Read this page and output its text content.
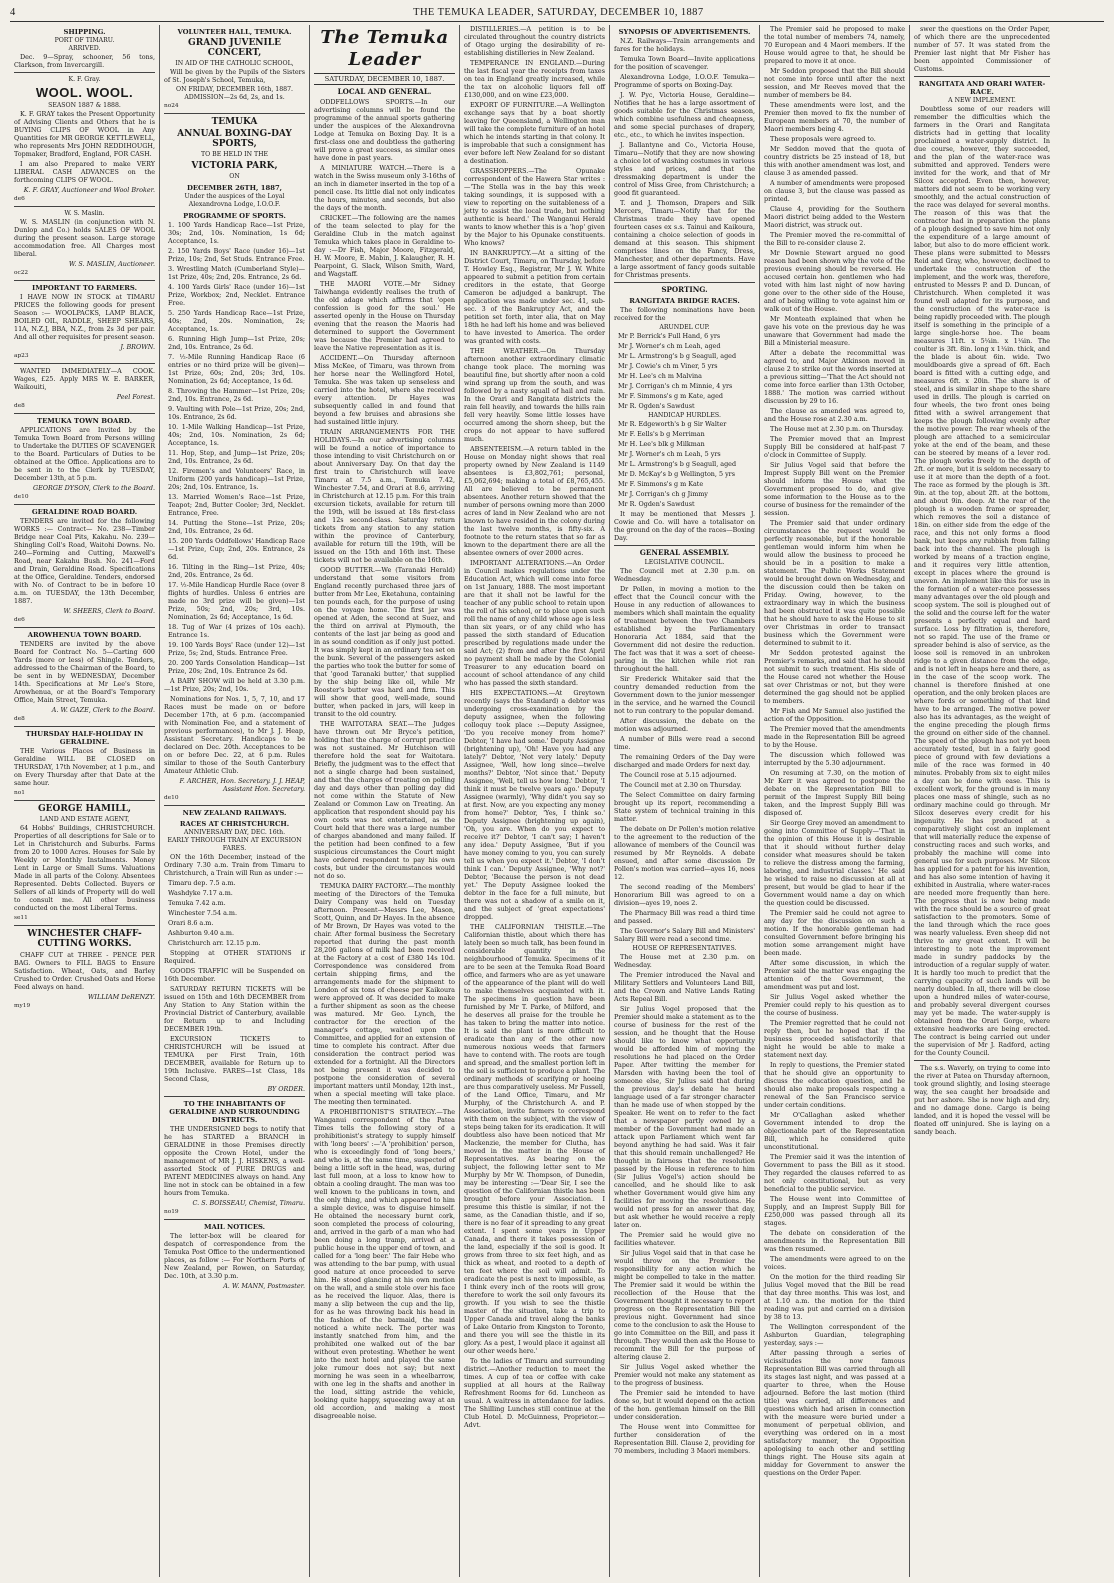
4	THE TEMUKA LEADER, SATURDAY, DECEMBER 10, 1887

SHIPPING.
PORT OF TIMARU.
ARRIVED.

Dec. 9—Spray, schooner, 56 tons, Clarkson, from Invercargill.

K. F. Gray.
WOOL. WOOL.
SEASON 1887 & 1888.

K. F. GRAY takes the Present Opportunity of Advising Clients and Others that he is BUYING CLIPS OF WOOL in Any Quantities for MR GEORGE KETTLEWELL, who represents Mrs JOHN REDDIHOUGH, Topmaker, Bradford, England, FOR CASH.

I am also Prepared to make VERY LIBERAL CASH ADVANCES on the forthcoming CLIPS OF WOOL.

K. F. GRAY, Auctioneer and Wool Broker.
de6
W. S. Maslin.

W. S. MASLIN (in conjunction with N. Dunlop and Co.) holds SALES OF WOOL during the present season. Large storage accommodation free. All Charges most liberal.

W. S. MASLIN, Auctioneer.
oc22
IMPORTANT TO FARMERS.

I HAVE NOW IN STOCK at TIMARU PRICES the following goods for present Season :— WOOLPACKS, LAMP BLACK, BOILED OIL, RADDLE, SHEEP SHEARS, 11A, N.Z.J, BBA, N.Z., from 2s 3d per pair. And all other requisites for present season.

J. BROWN.
ap23

WANTED IMMEDIATELY—A COOK. Wages, £25. Apply MRS W. E. BARKER, Waikouiti,

Peel Forest.
de8
TEMUKA TOWN BOARD.

APPLICATIONS are Invited by the Temuka Town Board from Persons willing to Undertake the DUTIES OF SCAVENGER to the Board. Particulars of Duties to be obtained at the Office. Applications are to be sent in to the Clerk by TUESDAY, December 13th, at 5 p.m.

GEORGE DYSON, Clerk to the Board.
de10
GERALDINE ROAD BOARD.

TENDERS are invited for the following WORKS :— Contract— No. 238—Timber Bridge near Coal Pits, Kakahu. No. 239—Shingling Coll's Road, Waitohi Downs. No. 240—Forming and Cutting, Maxwell's Road, near Kakahu Bush. No. 241—Ford and Drain, Geraldine Road. Specifications at the Office, Geraldine. Tenders, endorsed with No. of Contract to be in before 10 a.m. on TUESDAY, the 13th December, 1887.

W. SHEERS, Clerk to Board.
de6
AROWHENUA TOWN BOARD.

TENDERS are invited by the above Board for Contract No. 5—Carting 600 Yards (more or less) of Shingle. Tenders, addressed to the Chairman of the Board, to be sent in by WEDNESDAY, December 14th. Specifications at Mr Lee's Store, Arowhenua, or at the Board's Temporary Office, Main Street, Temuka.

A. W. GAZE, Clerk to the Board.
de8
THURSDAY HALF-HOLIDAY IN GERALDINE.

THE Various Places of Business in Geraldine WILL BE CLOSED on THURSDAY, 17th November, at 1 p.m., and on Every Thursday after that Date at the same hour.

no1
GEORGE HAMILL,
LAND AND ESTATE AGENT,

64 Hobbs' Buildings, CHRISTCHURCH. Properties of all descriptions for Sale or to Let in Christchurch and Suburbs. Farms from 20 to 1000 Acres. Houses for Sale by Weekly or Monthly Instalments. Money Lent in Large or Small Sums. Valuations Made in all parts of the Colony. Absentees Represented. Debts Collected. Buyers or Sellers of all kinds of Property will do well to consult me. All other business conducted on the most Liberal Terms.

se11
WINCHESTER CHAFF-CUTTING WORKS.

CHAFF CUT at THREE - PENCE PER BAG. Owners to FILL BAGS to Ensure Satisfaction. Wheat, Oats, and Barley Crushed to Order. Crushed Oats and Horse Feed always on hand.

WILLIAM DeRENZY.
my19
VOLUNTEER HALL, TEMUKA.
GRAND JUVENILE CONCERT,
IN AID OF THE CATHOLIC SCHOOL,

Will be given by the Pupils of the Sisters of St. Joseph's School, Temuka,

ON FRIDAY, DECEMBER 16th, 1887.
ADMISSION—2s 6d, 2s, and 1s.
no24
TEMUKA
ANNUAL BOXING-DAY SPORTS,
TO BE HELD IN THE
VICTORIA PARK,
ON
DECEMBER 26TH, 1887,
Under the auspices of the Loyal Alexandrovna Lodge, I.O.O.F.
PROGRAMME OF SPORTS.

1. 100 Yards Handicap Race—1st Prize, 30s; 2nd, 10s. Nomination, 1s 6d; Acceptance, 1s.

2. 150 Yards Boys' Race (under 16)—1st Prize, 10s; 2nd, Set Studs. Entrance Free.

3. Wrestling Match (Cumberland Style)—1st Prize, 40s; 2nd, 20s. Entrance, 2s 6d.

4. 100 Yards Girls' Race (under 16)—1st Prize, Workbox; 2nd, Necklet. Entrance Free.

5. 250 Yards Handicap Race—1st Prize, 40s; 2nd, 20s. Nomination, 2s; Acceptance, 1s.

6. Running High Jump—1st Prize, 20s; 2nd, 10s. Entrance, 2s 6d.

7. ½-Mile Running Handicap Race (6 entries or no third prize will be given)—1st Prize, 60s; 2nd, 20s; 3rd, 10s. Nomination, 2s 6d; Acceptance, 1s 6d.

8. Throwing the Hammer—1st Prize, 20s; 2nd, 10s. Entrance, 2s 6d.

9. Vaulting with Pole—1st Prize, 20s; 2nd, 10s. Entrance, 2s 6d.

10. 1-Mile Walking Handicap—1st Prize, 40s; 2nd, 10s. Nomination, 2s 6d; Acceptance, 1s.

11. Hop, Step, and Jump—1st Prize, 20s; 2nd, 10s. Entrance, 2s 6d.

12. Firemen's and Volunteers' Race, in Uniform (200 yards handicap)—1st Prize, 20s; 2nd, 10s. Entrance, 1s.

13. Married Women's Race—1st Prize, Teapot; 2nd, Butter Cooler; 3rd, Necklet. Entrance, Free.

14. Putting the Stone—1st Prize, 20s; 2nd, 10s. Entrance, 2s 6d.

15. 200 Yards Oddfellows' Handicap Race—1st Prize, Cup; 2nd, 20s. Entrance, 2s 6d.

16. Tilting in the Ring—1st Prize, 40s; 2nd, 20s. Entrance, 2s 6d.

17. ½-Mile Handicap Hurdle Race (over 8 flights of hurdles. Unless 6 entries are made no 3rd prize will be given)—1st Prize, 50s; 2nd, 20s; 3rd, 10s. Nomination, 2s 6d; Acceptance, 1s 6d.

18. Tug of War (4 prizes of 10s each). Entrance 1s.

19. 100 Yards Boys' Race (under 12)—1st Prize, 5s; 2nd, Studs. Entrance Free.

20. 200 Yards Consolation Handicap—1st Prize, 20s; 2nd, 10s. Entrance 2s 6d.

A BABY SHOW will be held at 3.30 p.m.—1st Prize, 20s; 2nd, 10s.

Nominations for Nos. 1, 5, 7, 10, and 17 Races must be made on or before December 17th, at 6 p.m. (accompanied with Nomination Fee, and a statement of previous performances), to Mr J. J. Heap, Assistant Secretary. Handicaps to be declared on Dec. 20th. Acceptances to be on or before Dec. 22, at 6 p.m. Rules similar to those of the South Canterbury Amateur Athletic Club.

F. ARCHER, Hon. Secretary. J. J. HEAP, Assistant Hon. Secretary.
de10
NEW ZEALAND RAILWAYS.
RACES AT CHRISTCHURCH.
ANNIVERSARY DAY, DEC. 16th.
EARLY THROUGH TRAIN AT EXCURSION FARES.

ON the 16th December, instead of the Ordinary 7.30 a.m. Train from Timaru to Christchurch, a Train will Run as under :—

Timaru dep. 7.5 a.m.

Washdyke 7.17 a.m.

Temuka 7.42 a.m.

Winchester 7.54 a.m.

Orari 8.6 a.m.

Ashburton 9.40 a.m.

Christchurch arr. 12.15 p.m.

Stopping at OTHER STATIONS if Required.

GOODS TRAFFIC will be Suspended on 16th December.

SATURDAY RETURN TICKETS will be issued on 15th and 16th DECEMBER from Any Station to Any Station within the Provincial District of Canterbury, available for Return up to and Including DECEMBER 19th.

EXCURSION TICKETS to CHRISTCHURCH will be issued at TEMUKA per First Train, 16th DECEMBER, available for Return up to 19th Inclusive. FARES—1st Class, 18s Second Class,

BY ORDER.
TO THE INHABITANTS OF GERALDINE AND SURROUNDING DISTRICTS.

THE UNDERSIGNED begs to notify that he has STARTED a BRANCH in GERALDINE in those Premises directly opposite the Crown Hotel, under the management of MR J. J. HISKENS, a well-assorted Stock of PURE DRUGS and PATENT MEDICINES always on hand. Any line not in stock can be obtained in a few hours from Temuka.

C. S. BOISSEAU, Chemist, Timaru.
no19
MAIL NOTICES.

The letter-box will be cleared for despatch of correspondence from the Temuka Post Office to the undermentioned places, as follow :— For Northern Ports of New Zealand, per Rowen, on Saturday, Dec. 10th, at 3.30 p.m.

A. W. MANN, Postmaster.
The Temuka Leader
SATURDAY, DECEMBER 10, 1887.
LOCAL AND GENERAL.

ODDFELLOWS SPORTS.—In our advertising columns will be found the programme of the annual sports gathering under the auspices of the Alexandrovna Lodge at Temuka on Boxing Day. It is a first-class one and doubtless the gathering will prove a great success, as similar ones have done in past years.

A MINIATURE WATCH.—There is a watch in the Swiss museum only 3-16ths of an inch in diameter inserted in the top of a pencil case. Its little dial not only indicates the hours, minutes, and seconds, but also the days of the month.

CRICKET.—The following are the names of the team selected to play for the Geraldine Club in the match against Temuka which takes place in Geraldine to-day :—Dr Fish, Major Moore, Fitzgerald, H. W. Moore, E. Mabin, J. Kalaugher, R. H. Pearpoint, G. Slack, Wilson Smith, Ward, and Wagstaff.

THE MAORI VOTE.—Mr Sidney Taiwhanga evidently realises the truth of the old adage which affirms that 'open confession is good for the soul.' He asserted openly in the House on Thursday evening that the reason the Maoris had determined to support the Government was because the Premier had agreed to leave the Native representation as it is.

ACCIDENT.—On Thursday afternoon Miss McKee, of Timaru, was thrown from her horse near the Wellingford Hotel, Temuka. She was taken up senseless and carried into the hotel, where she received every attention. Dr Hayes was subsequently called in and found that beyond a few bruises and abrasions she had sustained little injury.

TRAIN ARRANGEMENTS FOR THE HOLIDAYS.—In our advertising columns will be found a notice of importance to those intending to visit Christchurch on or about Anniversary Day. On that day the first train to Christchurch will leave Timaru at 7.5 a.m., Temuka 7.42, Winchester 7.54, and Orari at 8.6, arriving in Christchurch at 12.15 p.m. For this train excursion tickets, available for return till the 19th, will be issued at 18s first-class and 12s second-class. Saturday return tickets from any station to any station within the province of Canterbury, available for return till the 19th, will be issued on the 15th and 16th inst. These tickets will not be available on the 16th.

GOOD BUTTER.—We (Taranaki Herald) understand that some visitors from England recently purchased three jars of butter from Mr Lee, Eketahuna, containing ten pounds each, for the purpose of using on the voyage home. The first jar was opened at Aden, the second at Suez, and the third on arrival at Plymouth, the contents of the last jar being as good and in as sound condition as if only just potted. It was simply kept in an ordinary tea set on the bunk. Several of the passengers asked the parties who took the butter for some of that 'good Taranaki butter,' that supplied by the ship being like oil, while Mr Rooster's butter was hard and firm. This will show that good, well-made, sound butter, when packed in jars, will keep in transit to the old country.

THE WAITOTARA SEAT.—The Judges have thrown out Mr Bryce's petition, holding that the charge of corrupt practice was not sustained. Mr Hutchison will therefore hold the seat for Waitotara. Briefly, the judgment was to the effect that not a single charge had been sustained, and that the charges of treating on polling day and days other than polling day did not come within the Statute of New Zealand or Common Law on Treating. An application that respondent should pay his own costs was not entertained, as the Court held that there was a large number of charges abandoned and many failed. If the petition had been confined to a few suspicious circumstances the Court might have ordered respondent to pay his own costs, but under the circumstances would not do so.

TEMUKA DAIRY FACTORY.—The monthly meeting of the Directors of the Temuka Dairy Company was held on Tuesday afternoon. Present—Messrs Lee, Mason, Scott, Quinn, and Dr Hayes. In the absence of Mr Brown, Dr Hayes was voted to the chair. After formal business the Secretary reported that during the past month 28,206 gallons of milk had been received at the Factory at a cost of £380 14s 10d. Correspondence was considered from certain shipping firms, and the arrangements made for the shipment to London of six tons of cheese per Kaikoura were approved of. It was decided to make a further shipment as soon as the cheese was matured. Mr Geo. Lynch, the contractor for the erection of the manager's cottage, waited upon the Committee, and applied for an extension of time to complete his contract. After due consideration the contract period was extended for a fortnight. All the Directors not being present it was decided to postpone the consideration of several important matters until Monday, 12th inst., when a special meeting will take place. The meeting then terminated.

A PROHIBITIONIST'S STRATEGY.—The Wanganui correspondent of the Patea Times tells the following story of a prohibitionist's strategy to supply himself with 'long beers' :—'A 'prohibition' person, who is exceedingly fond of 'long beers,' and who is, at the same time, suspected of being a little soft in the head, was, during last full moon, at a loss to know how to obtain a cooling draught. The man was too well known to the publicans in town, and the only thing, and which appeared to him a simple device, was to disguise himself. He obtained the necessary burnt cork, soon completed the process of colouring, and, arrived in the garb of a man who had been doing a long tramp, arrived at a public house in the upper end of town, and called for a 'long beer.' The fair Hebe who was attending to the bar pump, with usual good nature at once proceeded to serve him. He stood glancing at his own motion on the wall, and a smile stole over his face as he received the liquor. Alas, there is many a slip between the cup and the lip, for as he was throwing back his head in the fashion of the barmaid, the maid noticed a white neck. The porter was instantly snatched from him, and the prohibited one walked out of the bar without even protesting. Whether he went into the next hotel and played the same joke rumour does not say; but next morning he was seen in a wheelbarrow, with one leg in the shafts and another in the load, sitting astride the vehicle, looking quite happy, squeezing away at an old accordion, and making a most disagreeable noise.

DISTILLERIES.—A petition is to be circulated throughout the country districts of Otago urging the desirability of re-establishing distilleries in New Zealand.

TEMPERANCE IN ENGLAND.—During the last fiscal year the receipts from taxes on tea in England greatly increased, while the tax on alcoholic liquors fell off £130,000, and on wine £23,000.

EXPORT OF FURNITURE.—A Wellington exchange says that by a boat shortly leaving for Queensland, a Wellington man will take the complete furniture of an hotel which he intends starting in that colony. It is improbable that such a consignment has ever before left New Zealand for so distant a destination.

GRASSHOPPERS.—The Opunake correspondent of the Hawera Star writes :—'The Stella was in the bay this week taking soundings, it is supposed with a view to reporting on the suitableness of a jetty to assist the local trade, but nothing authentic is heard.' The Wanganui Herald wants to know whether this is a 'hop' given by the Major to his Opunake constituents. Who knows?

IN BANKRUPTCY.—At a sitting of the District Court, Timaru, on Thursday, before T. Howley Esq., Registrar, Mr J. W. White appeared to submit a petition from certain creditors in the estate, that George Cameron be adjudged a bankrupt. The application was made under sec. 41, sub-sec. 3 of the Bankruptcy Act, and the petition set forth, inter alia, that on May 18th he had left his home and was believed to have invested to America. The order was granted with costs.

THE WEATHER.—On Thursday afternoon another extraordinary climatic change took place. The morning was beautiful fine, but shortly after noon a cold wind sprang up from the south, and was followed by a nasty squall of hail and rain. In the Orari and Rangitata districts the rain fell heavily, and towards the hills rain fell very heavily. Some little losses have occurred among the shorn sheep, but the crops do not appear to have suffered much.

ABSENTEEISM.—A return tabled in the House on Monday night shows that real property owned by New Zealand is 1149 absentees is £3,802,761; personal, £5,062,694; making a total of £8,765,455. All are believed to be permanent absentees. Another return showed that the number of persons owning more than 2000 acres of land in New Zealand who are not known to have resided in the colony during the last twelve months, is fifty-six. A footnote to the return states that so far as known to the department there are all the absentee owners of over 2000 acres.

IMPORTANT ALTERATIONS.—An Order in Council makes regulations under the Education Act, which will come into force on 1st January, 1888. The most important are that it shall not be lawful for the teacher of any public school to retain upon the roll of his school, or to place upon such roll the name of any child whose age is less than six years, or of any child who has passed the sixth standard of Education prescribed by regulations made under the said Act; (2) from and after the first April no payment shall be made by the Colonial Treasurer to any education board on account of school attendance of any child who has passed the sixth standard.

HIS EXPECTATIONS.—At Greytown recently (says the Standard) a debtor was undergoing cross-examination by the deputy assignee, when the following colloquy took place :—Deputy Assignee, 'Do you receive money from home?' Debtor, 'I have had some.' Deputy Assignee (brightening up), 'Oh! Have you had any lately?' Debtor, 'Not very lately.' Deputy Assignee, 'Well, how long since—twelve months?' Debtor, 'Not since that.' Deputy Assignee, 'Well, tell us how long.' Debtor, 'I think it must be twelve years ago.' Deputy Assignee (warmly), 'Why didn't you say so at first. Now, are you expecting any money from home?' Debtor, 'Yes, I think so.' Deputy Assignee (brightening up again), 'Oh, you are. When do you expect to receive it?' Debtor, 'I can't say; I haven't any idea.' Deputy Assignee, 'But if you have money coming to you, you can surely tell us when you expect it.' Debtor, 'I don't think I can.' Deputy Assignee, 'Why not?' Debtor, 'Because the person is not dead yet.' The Deputy Assignee looked the debtor in the face for a full minute, but there was not a shadow of a smile on it, and the subject of 'great expectations' dropped.

THE CALIFORNIAN THISTLE.—The Californian thistle, about which there has lately been so much talk, has been found in considerable quantity in the neighbourhood of Temuka. Specimens of it are to be seen at the Temuka Road Board office, and farmers who are as yet unaware of the appearance of the plant will do well to make themselves acquainted with it. The specimens in question have been furnished by Mr T. Parke, of Milford, and he deserves all praise for the trouble he has taken to bring the matter into notice. It is said the plant is more difficult to eradicate than any of the other now numerous noxious weeds that farmers have to contend with. The roots are tough and spread, and the smallest portion left in the soil is sufficient to produce a plant. The ordinary methods of scarifying or hoeing are thus comparatively useless. Mr Fussell, of the Land Office, Timaru, and Mr Murphy, of the Christchurch A. and P. Association, invite farmers to correspond with them on the subject, with the view of steps being taken for its eradication. It will doubtless also have been noticed that Mr Mackenzie, the member for Clutha, has moved in the matter in the House of Representatives. As bearing on the subject, the following letter sent to Mr Murphy by Mr W. Thompson, of Dunedin, may be interesting :—'Dear Sir, I see the question of the Californian thistle has been brought before your Association. I presume this thistle is similar, if not the same, as the Canadian thistle, and if so, there is no fear of it spreading to any great extent. I spent some years in Upper Canada, and there it takes possession of the land, especially if the soil is good. It grows from three to six feet high, and as thick as wheat, and rooted to a depth of ten feet where the soil will admit. To eradicate the pest is next to impossible, as I think every inch of the roots will grow, therefore to work the soil only favours its growth. If you wish to see the thistle master of the situation, take a trip to Upper Canada and travel along the banks of Lake Ontario from Kingston to Toronto, and there you will see the thistle in its glory. As a pest, I would place it against all our other weeds here.'

To the ladies of Timaru and surrounding district.—Another reduction to meet the times. A cup of tea or coffee with cake supplied at all hours at the Railway Refreshment Rooms for 6d. Luncheon as usual. A waitress in attendance for ladies. The Shilling Lunches still continue at the Club Hotel. D. McGuinness, Proprietor.—Advt.

SYNOPSIS OF ADVERTISEMENTS.

N.Z. Railways—Train arrangements and fares for the holidays.

Temuka Town Board—Invite applications for the position of scavenger.

Alexandrovna Lodge, I.O.O.F. Temuka—Programme of sports on Boxing-Day.

J. W. Pyc, Victoria House, Geraldine—Notifies that he has a large assortment of goods suitable for the Christmas season, which combine usefulness and cheapness, and some special purchases of drapery, etc., etc., to which he invites inspection.

J. Ballantyne and Co., Victoria House, Timaru—Notify that they are now showing a choice lot of washing costumes in various styles and prices, and that the dressmaking department is under the control of Miss Gree, from Christchurch; a good fit guaranteed.

T. and J. Thomson, Drapers and Silk Mercers, Timaru—Notify that for the Christmas trade they have opened fourteen cases ex s.s. Tainui and Kaikoura, containing a choice selection of goods in demand at this season. This shipment comprises lines on the Fancy, Dress, Manchester, and other departments. Have a large assortment of fancy goods suitable for Christmas presents.

SPORTING.
RANGITATA BRIDGE RACES.

The following nominations have been received for the

ARUNDEL CUP.

Mr P. Berrick's Full Hand, 6 yrs

Mr J. Worner's ch m Leah, aged

Mr L. Armstrong's b g Seagull, aged

Mr J. Cowie's ch m Viner, 5 yrs

Mr H. Lee's ch m Malvina

Mr J. Corrigan's ch m Minnie, 4 yrs

Mr F. Simmons's g m Kate, aged

Mr R. Ogden's Sawdust

HANDICAP HURDLES.

Mr R. Edgeworth's b g Sir Walter

Mr F. Eells's b g Merriman

Mr H. Lee's blk g Milkman

Mr J. Worner's ch m Leah, 5 yrs

Mr L. Armstrong's b g Seagull, aged

Mr D. McKay's b g Wellington, 5 yrs

Mr F. Simmons's g m Kate

Mr J. Corrigan's ch g Jimmy

Mr R. Ogden's Sawdust

It may be mentioned that Messrs J. Cowie and Co. will have a totalisator on the ground on the day of the races—Boxing Day.

GENERAL ASSEMBLY.
LEGISLATIVE COUNCIL.

The Council met at 2.30 p.m. on Wednesday.

Dr Pollen, in moving a motion to the effect that the Council concur with the House in any reduction of allowances to members which shall maintain the equality of treatment between the two Chambers established by the Parliamentary Honoraria Act 1884, said that the Government did not desire the reduction. The fact was that it was a sort of cheese-paring in the kitchen while riot ran throughout the hall.

Sir Frederick Whitaker said that the country demanded reduction from the Government down to the junior messenger in the service, and he warned the Council not to run contrary to the popular demand.

After discussion, the debate on the motion was adjourned.

A number of Bills were read a second time.

The remaining Orders of the Day were discharged and made Orders for next day.

The Council rose at 5.15 adjourned.

The Council met at 2.30 on Thursday.

The Select Committee on dairy farming brought up its report, recommending a State system of technical training in this matter.

The debate on Dr Pollen's motion relative to the agreement to the reduction of the allowance of members of the Council was resumed by Mr Reynolds. A debate ensued, and after some discussion Dr Pollen's motion was carried—ayes 16, noes 12.

The second reading of the Members' Honorarium Bill was agreed to on a division—ayes 19, noes 2.

The Pharmacy Bill was read a third time and passed.

The Governor's Salary Bill and Ministers' Salary Bill were read a second time.

HOUSE OF REPRESENTATIVES.

The House met at 2.30 p.m. on Wednesday.

The Premier introduced the Naval and Military Settlers and Volunteers Land Bill, and the Crown and Native Lands Rating Acts Repeal Bill.

Sir Julius Vogel proposed that the Premier should make a statement as to the course of business for the rest of the session, and he thought that the House should like to know what opportunity would be afforded him of moving the resolutions he had placed on the Order Paper. After twitting the member for Marsden with having been the tool of someone else, Sir Julius said that during the previous day's debate he heard language used of a far stronger character than he made use of when stopped by the Speaker. He went on to refer to the fact that a newspaper partly owned by a member of the Government had made an attack upon Parliament which went far beyond anything he had said. Was it fair that this should remain unchallenged? He thought in fairness that the resolution passed by the House in reference to him (Sir Julius Vogel's) action should be cancelled, and he should like to ask whether Government would give him any facilities for moving the resolutions. He would not press for an answer that day, but ask whether he would receive a reply later on.

The Premier said he would give no facilities whatever.

Sir Julius Vogel said that in that case he would throw on the Premier the responsibility for any action which he might be compelled to take in the matter. The Premier said it would be within the recollection of the House that the Government thought it necessary to report progress on the Representation Bill the previous night. Government had since come to the conclusion to ask the House to go into Committee on the Bill, and pass it through. They would then ask the House to recommit the Bill for the purpose of altering clause 2.

Sir Julius Vogel asked whether the Premier would not make any statement as to the progress of business.

The Premier said he intended to have done so, but it would depend on the action of the hon. gentleman himself on the Bill under consideration.

The House went into Committee for further consideration of the Representation Bill. Clause 2, providing for 70 members, including 3 Maori members.

The Premier said he proposed to make the total number of members 74, namely, 70 European and 4 Maori members. If the House would agree to that, he should be prepared to move it at once.

Mr Seddon proposed that the Bill should not come into force until after the next session, and Mr Reeves moved that the number of members be 84.

These amendments were lost, and the Premier then moved to fix the number of European members at 70, the number of Maori members being 4.

These proposals were agreed to.

Mr Seddon moved that the quota of country districts be 25 instead of 18, but this with another amendment was lost, and clause 3 as amended passed.

A number of amendments were proposed on clause 3, but the clause was passed as printed.

Clause 4, providing for the Southern Maori district being added to the Western Maori district, was struck out.

The Premier moved the re-committal of the Bill to re-consider clause 2.

Mr Downie Stewart argued no good reason had been shown why the vote of the previous evening should be reversed. He accused certain hon. gentlemen who had voted with him last night of now having gone over to the other side of the House, and of being willing to vote against him or walk out of the House.

Mr Monteath explained that when he gave his vote on the previous day he was unaware that Government had made the Bill a Ministerial measure.

After a debate the recommittal was agreed to, and Major Atkinson moved in clause 2 to strike out the words inserted at a previous sitting—'That the Act should not come into force earlier than 13th October, 1888.' The motion was carried without discussion by 29 to 16.

The clause as amended was agreed to, and the House rose at 2.30 a.m.

The House met at 2.30 p.m. on Thursday.

The Premier moved that an Imprest Supply Bill be considered at half-past 7 o'clock in Committee of Supply.

Sir Julius Vogel said that before the Imprest Supply Bill went on the Premier should inform the House what the Government proposed to do, and give some information to the House as to the course of business for the remainder of the session.

The Premier said that under ordinary circumstances the request would be perfectly reasonable, but if the honorable gentleman would inform him when he would allow the business to proceed he should be in a position to make a statement. The Public Works Statement would be brought down on Wednesday, and the discussion could then be taken on Friday. Owing, however, to the extraordinary way in which the business had been obstructed it was quite possible that he should have to ask the House to sit over Christmas in order to transact business which the Government were determined to submit to it.

Mr Seddon protested against the Premier's remarks, and said that he should not submit to such treatment. His side of the House cared not whether the House sat over Christmas or not, but they were determined the gag should not be applied to members.

Mr Fish and Mr Samuel also justified the action of the Opposition.

The Premier moved that the amendments made in the Representation Bill be agreed to by the House.

The discussion which followed was interrupted by the 5.30 adjournment.

On resuming at 7.30, on the motion of Mr Kerr it was agreed to postpone the debate on the Representation Bill to permit of the Imprest Supply Bill being taken, and the Imprest Supply Bill was disposed of.

Sir George Grey moved an amendment to going into Committee of Supply—'That in the opinion of this House it is desirable that it should without further delay consider what measures should be taken to relieve the distress among the farming, laboring, and industrial classes.' He said he wished to raise no discussion at all at present, but would be glad to hear if the Government would name a day on which the question could be discussed.

The Premier said he could not agree to any day for the discussion on such a motion. If the honorable gentleman had consulted Government before bringing his motion some arrangement might have been made.

After some discussion, in which the Premier said the matter was engaging the attention of the Government, the amendment was put and lost.

Sir Julius Vogel asked whether the Premier could reply to his question as to the course of business.

The Premier regretted that he could not reply then, but he hoped that if the business proceeded satisfactorily that night he would be able to make a statement next day.

In reply to questions, the Premier stated that he should give an opportunity to discuss the education question, and he should also make proposals respecting a renewal of the San Francisco service under certain conditions.

Mr O'Callaghan asked whether Government intended to drop the objectionable part of the Representation Bill, which he considered quite unconstitutional.

The Premier said it was the intention of Government to pass the Bill as it stood. They regarded the clauses referred to as not only constitutional, but as very beneficial to the public service.

The House went into Committee of Supply, and an Imprest Supply Bill for £250,000 was passed through all its stages.

The debate on consideration of the amendments in the Representation Bill was then resumed.

The amendments were agreed to on the voices.

On the motion for the third reading Sir Julius Vogel moved that the Bill be read that day three months. This was lost, and at 1.10 a.m. the motion for the third reading was put and carried on a division by 38 to 13.

The Wellington correspondent of the Ashburton Guardian, telegraphing yesterday, says :—

After passing through a series of vicissitudes the now famous Representation Bill was carried through all its stages last night, and was passed at a quarter to three, when the House adjourned. Before the last motion (third title) was carried, all differences and questions which had arisen in connection with the measure were buried under a monument of perpetual oblivion, and everything was ordered on in a most satisfactory manner, the Opposition apologising to each other and settling things right. The House sits again at midday for Government to answer the questions on the Order Paper.

swer the questions on the Order Paper, of which there are the unprecedented number of 57. It was stated from the Premier last night that Mr Fisher has been appointed Commissioner of Customs.

RANGITATA AND ORARI WATER-RACE.
A NEW IMPLEMENT.

Doubtless some of our readers will remember the difficulties which the farmers in the Orari and Rangitata districts had in getting that locality proclaimed a water-supply district. In due course, however, they succeeded, and the plan of the water-race was submitted and approved. Tenders were invited for the work, and that of Mr Silcox accepted. Even then, however, matters did not seem to be working very smoothly, and the actual construction of the race was delayed for several months. The reason of this was that the contractor had in preparation the plans of a plough designed to save him not only the expenditure of a large amount of labor, but also to do more efficient work. These plans were submitted to Messrs Reid and Gray, who, however, declined to undertake the construction of the implement, and the work was, therefore, entrusted to Messrs P. and D. Duncan, of Christchurch. When completed it was found well adapted for its purpose, and the construction of the water-race is being rapidly proceeded with. The plough itself is something in the principle of a large single-horse hoe. The beam measures 11ft. x 5¼in. x 1¼in. The coulter is 3ft. 8in. long x 1¼in. thick, and the blade is about 6in. wide. Two mouldboards give a spread of 6ft. Each board is fitted with a cutting edge, and measures 6ft. x 20in. The share is of steel, and is similar in shape to the share used in drills. The plough is carried on four wheels, the two front ones being fitted with a swivel arrangement that keeps the plough following evenly after the motive power. The rear wheels of the plough are attached to a semicircular yoke at the end of the beam, and these can be steered by means of a lever rod. The plough works freely to the depth of 2ft. or more, but it is seldom necessary to use it at more than the depth of a foot. The race as formed by the plough is 3ft. 9in. at the top, about 2ft. at the bottom, and about 9in. deep. At the rear of the plough is a wooden frame or spreader, which removes the soil a distance of 18in. on either side from the edge of the race, and this not only forms a flood bank, but keeps any rubbish from falling back into the channel. The plough is worked by means of a traction engine, and it requires very little attention, except in places where the ground is uneven. An implement like this for use in the formation of a water-race possesses many advantages over the old plough and scoop system. The soil is ploughed out of the solid and the course left for the water presents a perfectly equal and hard surface. Loss by filtration is, therefore, not so rapid. The use of the frame or spreader behind is also of service, as the loose soil is removed in an unbroken ridge to a given distance from the edge, and is not left in heaps here and there, as in the case of the scoop work. The channel is therefore finished at one operation, and the only broken places are where fords or something of that kind have to be arranged. The motive power also has its advantages, as the weight of the engine preceding the plough firms the ground on either side of the channel. The speed of the plough has not yet been accurately tested, but in a fairly good piece of ground with few deviations a mile of the race was formed in 40 minutes. Probably from six to eight miles a day can be done with ease. This is excellent work, for the ground is in many places one mass of shingle, such as no ordinary machine could go through. Mr Silcox deserves every credit for his ingenuity. He has produced at a comparatively slight cost an implement that will materially reduce the expense of constructing races and such works, and probably the machine will come into general use for such purposes. Mr Silcox has applied for a patent for his invention, and has also some intention of having it exhibited in Australia, where water-races are needed more frequently than here. The progress that is now being made with the race should be a source of great satisfaction to the promoters. Some of the land through which the race goes was nearly valueless. Even sheep did not thrive to any great extent. It will be interesting to note the improvement made in sundry paddocks by the introduction of a regular supply of water. It is hardly too much to predict that the carrying capacity of such lands will be nearly doubled. In all, there will be close upon a hundred miles of water-course, and probably several divergent courses may yet be made. The water-supply is obtained from the Orari Gorge, where extensive headworks are being erected. The contract is being carried out under the supervision of Mr J. Radford, acting for the County Council.

The s.s. Waverly, on trying to come into the river at Patea on Thursday afternoon, took ground slightly, and losing steerage way, the sea caught her broadside and put her ashore. She is now high and dry, and no damage done. Cargo is being landed, and it is hoped the vessel will be floated off uninjured. She is laying on a sandy beach.
